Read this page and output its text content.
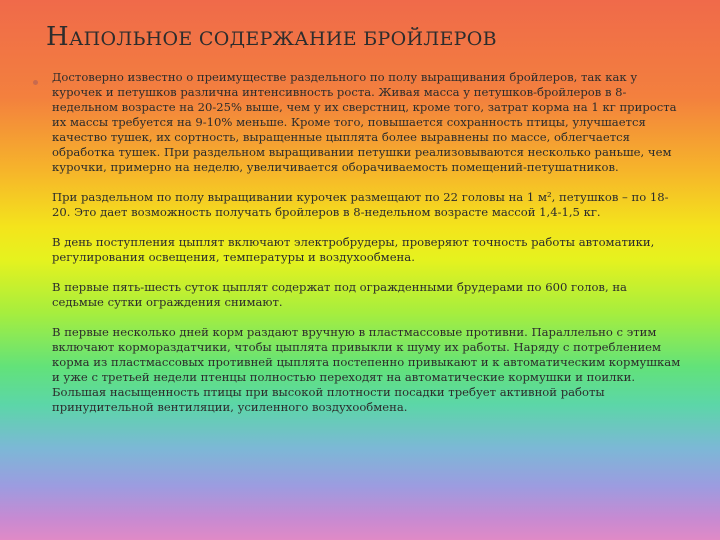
НАПОЛЬНОЕ СОДЕРЖАНИЕ БРОЙЛЕРОВ

Достоверно известно о преимуществе раздельного по полу выращивания бройлеров, так как у курочек и петушков различна интенсивность роста. Живая масса у петушков-бройлеров в 8-недельном возрасте на 20-25% выше, чем у их сверстниц, кроме того, затрат корма на 1 кг прироста их массы требуется на 9-10% меньше. Кроме того, повышается сохранность птицы, улучшается качество тушек, их сортность, выращенные цыплята более выравнены по массе, облегчается обработка тушек. При раздельном выращивании петушки реализовываются несколько раньше, чем курочки, примерно на неделю, увеличивается оборачиваемость помещений-петушатников.

При раздельном по полу выращивании курочек размещают по 22 головы на 1 м², петушков – по 18-20. Это дает возможность получать бройлеров в 8-недельном возрасте массой 1,4-1,5 кг.

В день поступления цыплят включают электробрудеры, проверяют точность работы автоматики, регулирования освещения, температуры и воздухообмена.

В первые пять-шесть суток цыплят содержат под огражденными брудерами по 600 голов, на седьмые сутки ограждения снимают.

В первые несколько дней корм раздают вручную в пластмассовые противни. Параллельно с этим включают кормораздатчики, чтобы цыплята привыкли к шуму их работы. Наряду с потреблением корма из пластмассовых противней цыплята постепенно привыкают и к автоматическим кормушкам и уже с третьей недели птенцы полностью переходят на автоматические кормушки и поилки. Большая насыщенность птицы при высокой плотности посадки требует активной работы принудительной вентиляции, усиленного воздухообмена.
